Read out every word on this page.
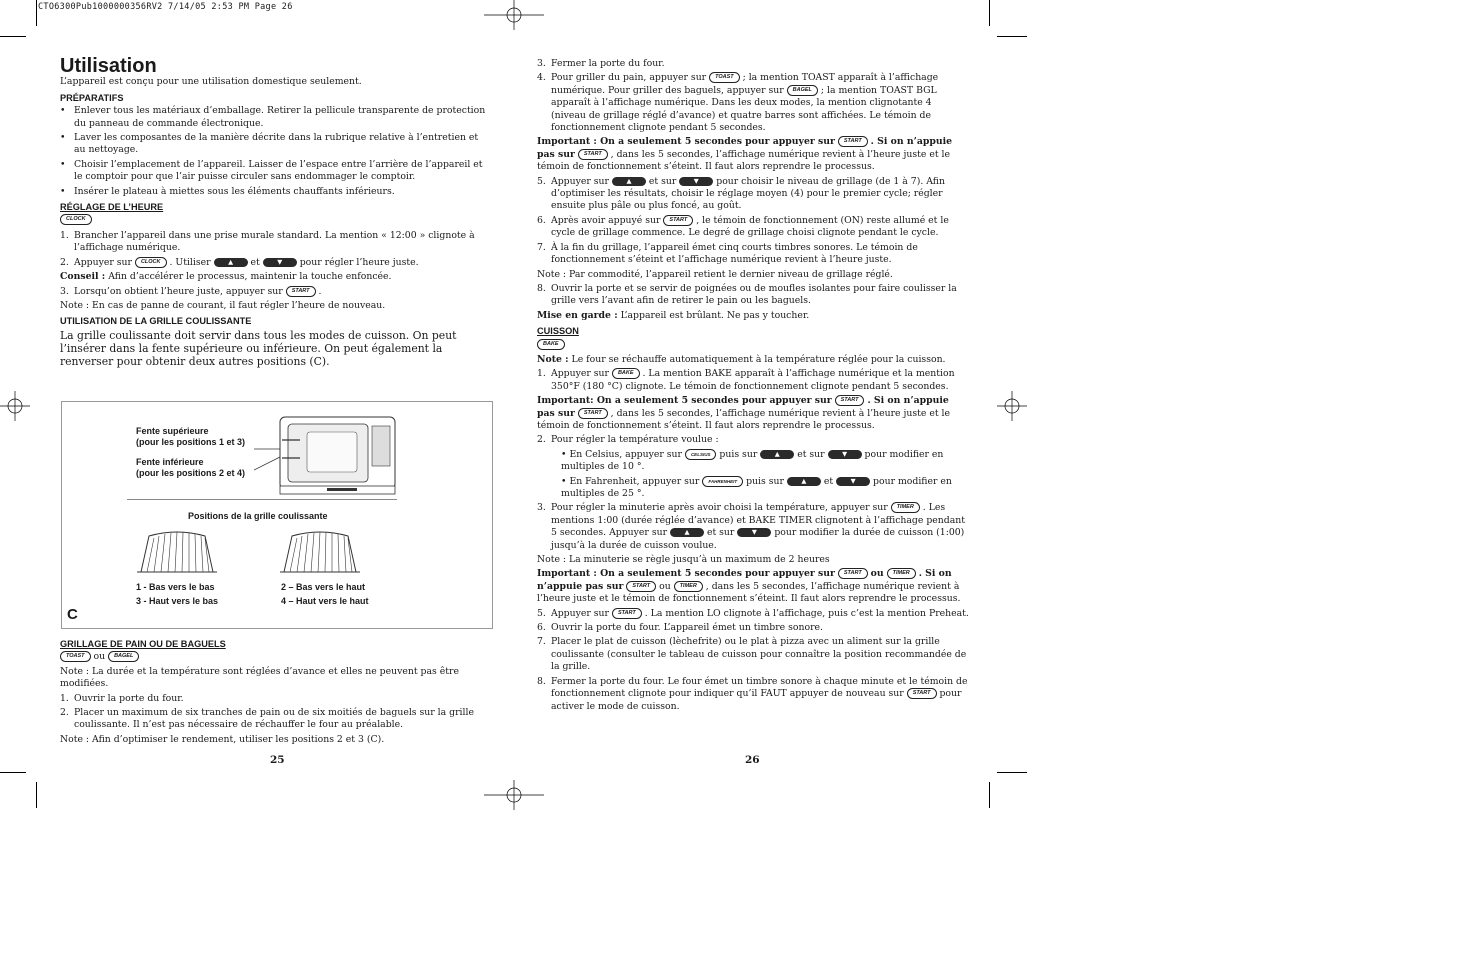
CTO6300Pub1000000356RV2 7/14/05 2:53 PM Page 26
Utilisation

L’appareil est conçu pour une utilisation domestique seulement.

PRÉPARATIFS
• Enlever tous les matériaux d’emballage. Retirer la pellicule transparente de protection du panneau de commande électronique.
• Laver les composantes de la manière décrite dans la rubrique relative à l’entretien et au nettoyage.
• Choisir l’emplacement de l’appareil. Laisser de l’espace entre l’arrière de l’appareil et le comptoir pour que l’air puisse circuler sans endommager le comptoir.
• Insérer le plateau à miettes sous les éléments chauffants inférieurs.
RÉGLAGE DE L’HEURE
CLOCK
1. Brancher l’appareil dans une prise murale standard. La mention « 12:00 » clignote à l’affichage numérique.
2. Appuyer sur CLOCK . Utiliser	▲ et	▼ pour régler l’heure juste.

Conseil : Afin d’accélérer le processus, maintenir la touche enfoncée.

3. Lorsqu’on obtient l’heure juste, appuyer sur START .

Note : En cas de panne de courant, il faut régler l’heure de nouveau.

UTILISATION DE LA GRILLE COULISSANTE

La grille coulissante doit servir dans tous les modes de cuisson. On peut l’insérer dans la fente supérieure ou inférieure. On peut également la renverser pour obtenir deux autres positions (C).

Fente supérieure
(pour les positions 1 et 3)
Fente inférieure
(pour les positions 2 et 4)
Positions de la grille coulissante
1 - Bas vers le bas
3 - Haut vers le bas
2 – Bas vers le haut
4 – Haut vers le haut
C
GRILLAGE DE PAIN OU DE BAGUELS
TOAST ou BAGEL

Note : La durée et la température sont réglées d’avance et elles ne peuvent pas être modifiées.

1. Ouvrir la porte du four.
2. Placer un maximum de six tranches de pain ou de six moitiés de baguels sur la grille coulissante. Il n’est pas nécessaire de réchauffer le four au préalable.

Note : Afin d’optimiser le rendement, utiliser les positions 2 et 3 (C).

25
3. Fermer la porte du four.
4. Pour griller du pain, appuyer sur TOAST ; la mention TOAST apparaît à l’affichage numérique. Pour griller des baguels, appuyer sur BAGEL ; la mention TOAST BGL apparaît à l’affichage numérique. Dans les deux modes, la mention clignotante 4 (niveau de grillage réglé d’avance) et quatre barres sont affichées. Le témoin de fonctionnement clignote pendant 5 secondes.

Important : On a seulement 5 secondes pour appuyer sur START . Si on n’appuie pas sur START , dans les 5 secondes, l’affichage numérique revient à l’heure juste et le témoin de fonctionnement s’éteint. Il faut alors reprendre le processus.

5. Appuyer sur	▲ et sur	▼ pour choisir le niveau de grillage (de 1 à 7). Afin d’optimiser les résultats, choisir le réglage moyen (4) pour le premier cycle; régler ensuite plus pâle ou plus foncé, au goût.
6. Après avoir appuyé sur START , le témoin de fonctionnement (ON) reste allumé et le cycle de grillage commence. Le degré de grillage choisi clignote pendant le cycle.
7. À la fin du grillage, l’appareil émet cinq courts timbres sonores. Le témoin de fonctionnement s’éteint et l’affichage numérique revient à l’heure juste.

Note : Par commodité, l’appareil retient le dernier niveau de grillage réglé.

8. Ouvrir la porte et se servir de poignées ou de moufles isolantes pour faire coulisser la grille vers l’avant afin de retirer le pain ou les baguels.

Mise en garde : L’appareil est brûlant. Ne pas y toucher.

CUISSON
BAKE

Note : Le four se réchauffe automatiquement à la température réglée pour la cuisson.

1. Appuyer sur BAKE . La mention BAKE apparaît à l’affichage numérique et la mention 350°F (180 °C) clignote. Le témoin de fonctionnement clignote pendant 5 secondes.

Important: On a seulement 5 secondes pour appuyer sur START . Si on n’appuie pas sur START , dans les 5 secondes, l’affichage numérique revient à l’heure juste et le témoin de fonctionnement s’éteint. Il faut alors reprendre le processus.

2. Pour régler la température voulue :
• En Celsius, appuyer sur CELSIUS puis sur	▲ et sur	▼ pour modifier en multiples de 10 °.
• En Fahrenheit, appuyer sur FAHRENHEIT puis sur	▲ et	▼ pour modifier en multiples de 25 °.
3. Pour régler la minuterie après avoir choisi la température, appuyer sur TIMER . Les mentions 1:00 (durée réglée d’avance) et BAKE TIMER clignotent à l’affichage pendant 5 secondes. Appuyer sur	▲ et sur	▼ pour modifier la durée de cuisson (1:00) jusqu’à la durée de cuisson voulue.

Note : La minuterie se règle jusqu’à un maximum de 2 heures

Important : On a seulement 5 secondes pour appuyer sur START ou TIMER . Si on n’appuie pas sur START ou TIMER , dans les 5 secondes, l’affichage numérique revient à l’heure juste et le témoin de fonctionnement s’éteint. Il faut alors reprendre le processus.

5. Appuyer sur START . La mention LO clignote à l’affichage, puis c’est la mention Preheat.
6. Ouvrir la porte du four. L’appareil émet un timbre sonore.
7. Placer le plat de cuisson (lèchefrite) ou le plat à pizza avec un aliment sur la grille coulissante (consulter le tableau de cuisson pour connaître la position recommandée de la grille.
8. Fermer la porte du four. Le four émet un timbre sonore à chaque minute et le témoin de fonctionnement clignote pour indiquer qu’il FAUT appuyer de nouveau sur START pour activer le mode de cuisson.
26
